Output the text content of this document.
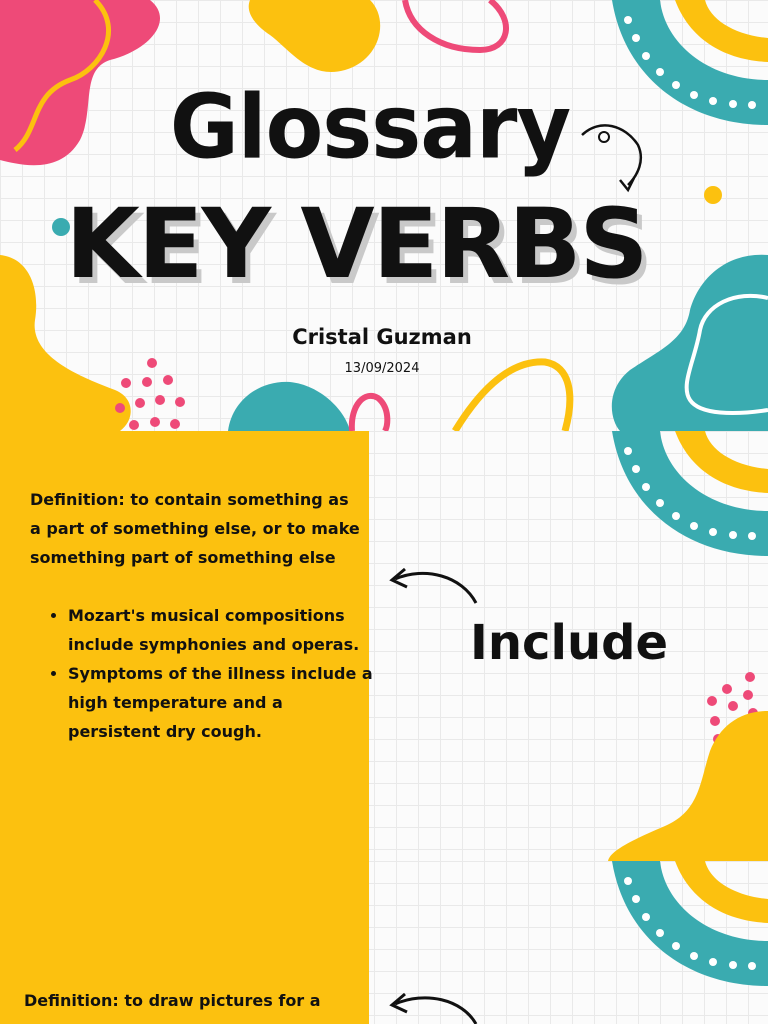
Glossary
KEY VERBS
Cristal Guzman
13/09/2024
Definition: to contain something as a part of something else, or to make something part of something else
• Mozart's musical compositions include symphonies and operas.
• Symptoms of the illness include a high temperature and a persistent dry cough.
Include
Definition: to draw pictures for a
